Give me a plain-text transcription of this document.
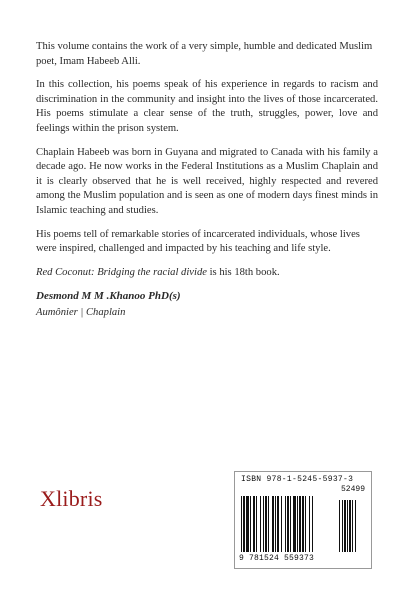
This volume contains the work of a very simple, humble and dedicated Muslim poet, Imam Habeeb Alli.

In this collection, his poems speak of his experience in regards to racism and discrimination in the community and insight into the lives of those incarcerated. His poems stimulate a clear sense of the truth, struggles, power, love and feelings within the prison system.

Chaplain Habeeb was born in Guyana and migrated to Canada with his family a decade ago. He now works in the Federal Institutions as a Muslim Chaplain and it is clearly observed that he is well received, highly respected and revered among the Muslim population and is seen as one of modern days finest minds in Islamic teaching and studies.

His poems tell of remarkable stories of incarcerated individuals, whose lives were inspired, challenged and impacted by his teaching and life style.

Red Coconut: Bridging the racial divide is his 18th book.

Desmond M M .Khanoo PhD(s)

Aumônier | Chaplain

Xlibris
ISBN 978-1-5245-5937-3
52499
9 781524 559373
